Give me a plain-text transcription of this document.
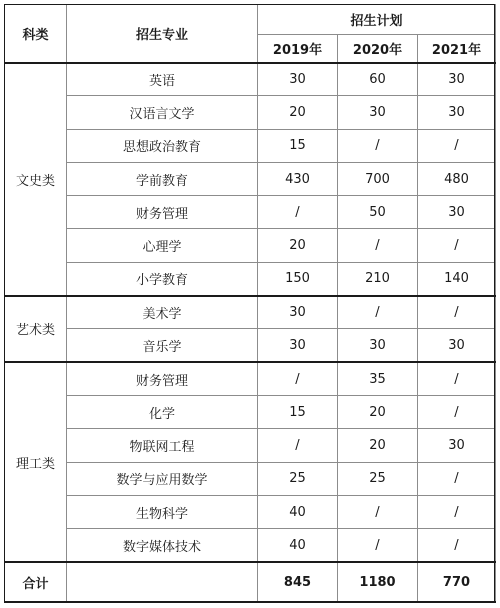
科类	招生专业	招生计划		
		2019年	2020年	2021年
文史类	英语	30	60	30
	汉语言文学	20	30	30
	思想政治教育	15	/	/
	学前教育	430	700	480
	财务管理	/	50	30
	心理学	20	/	/
	小学教育	150	210	140
艺术类	美术学	30	/	/
	音乐学	30	30	30
理工类	财务管理	/	35	/
	化学	15	20	/
	物联网工程	/	20	30
	数学与应用数学	25	25	/
	生物科学	40	/	/
	数字媒体技术	40	/	/
合计		845	1180	770
